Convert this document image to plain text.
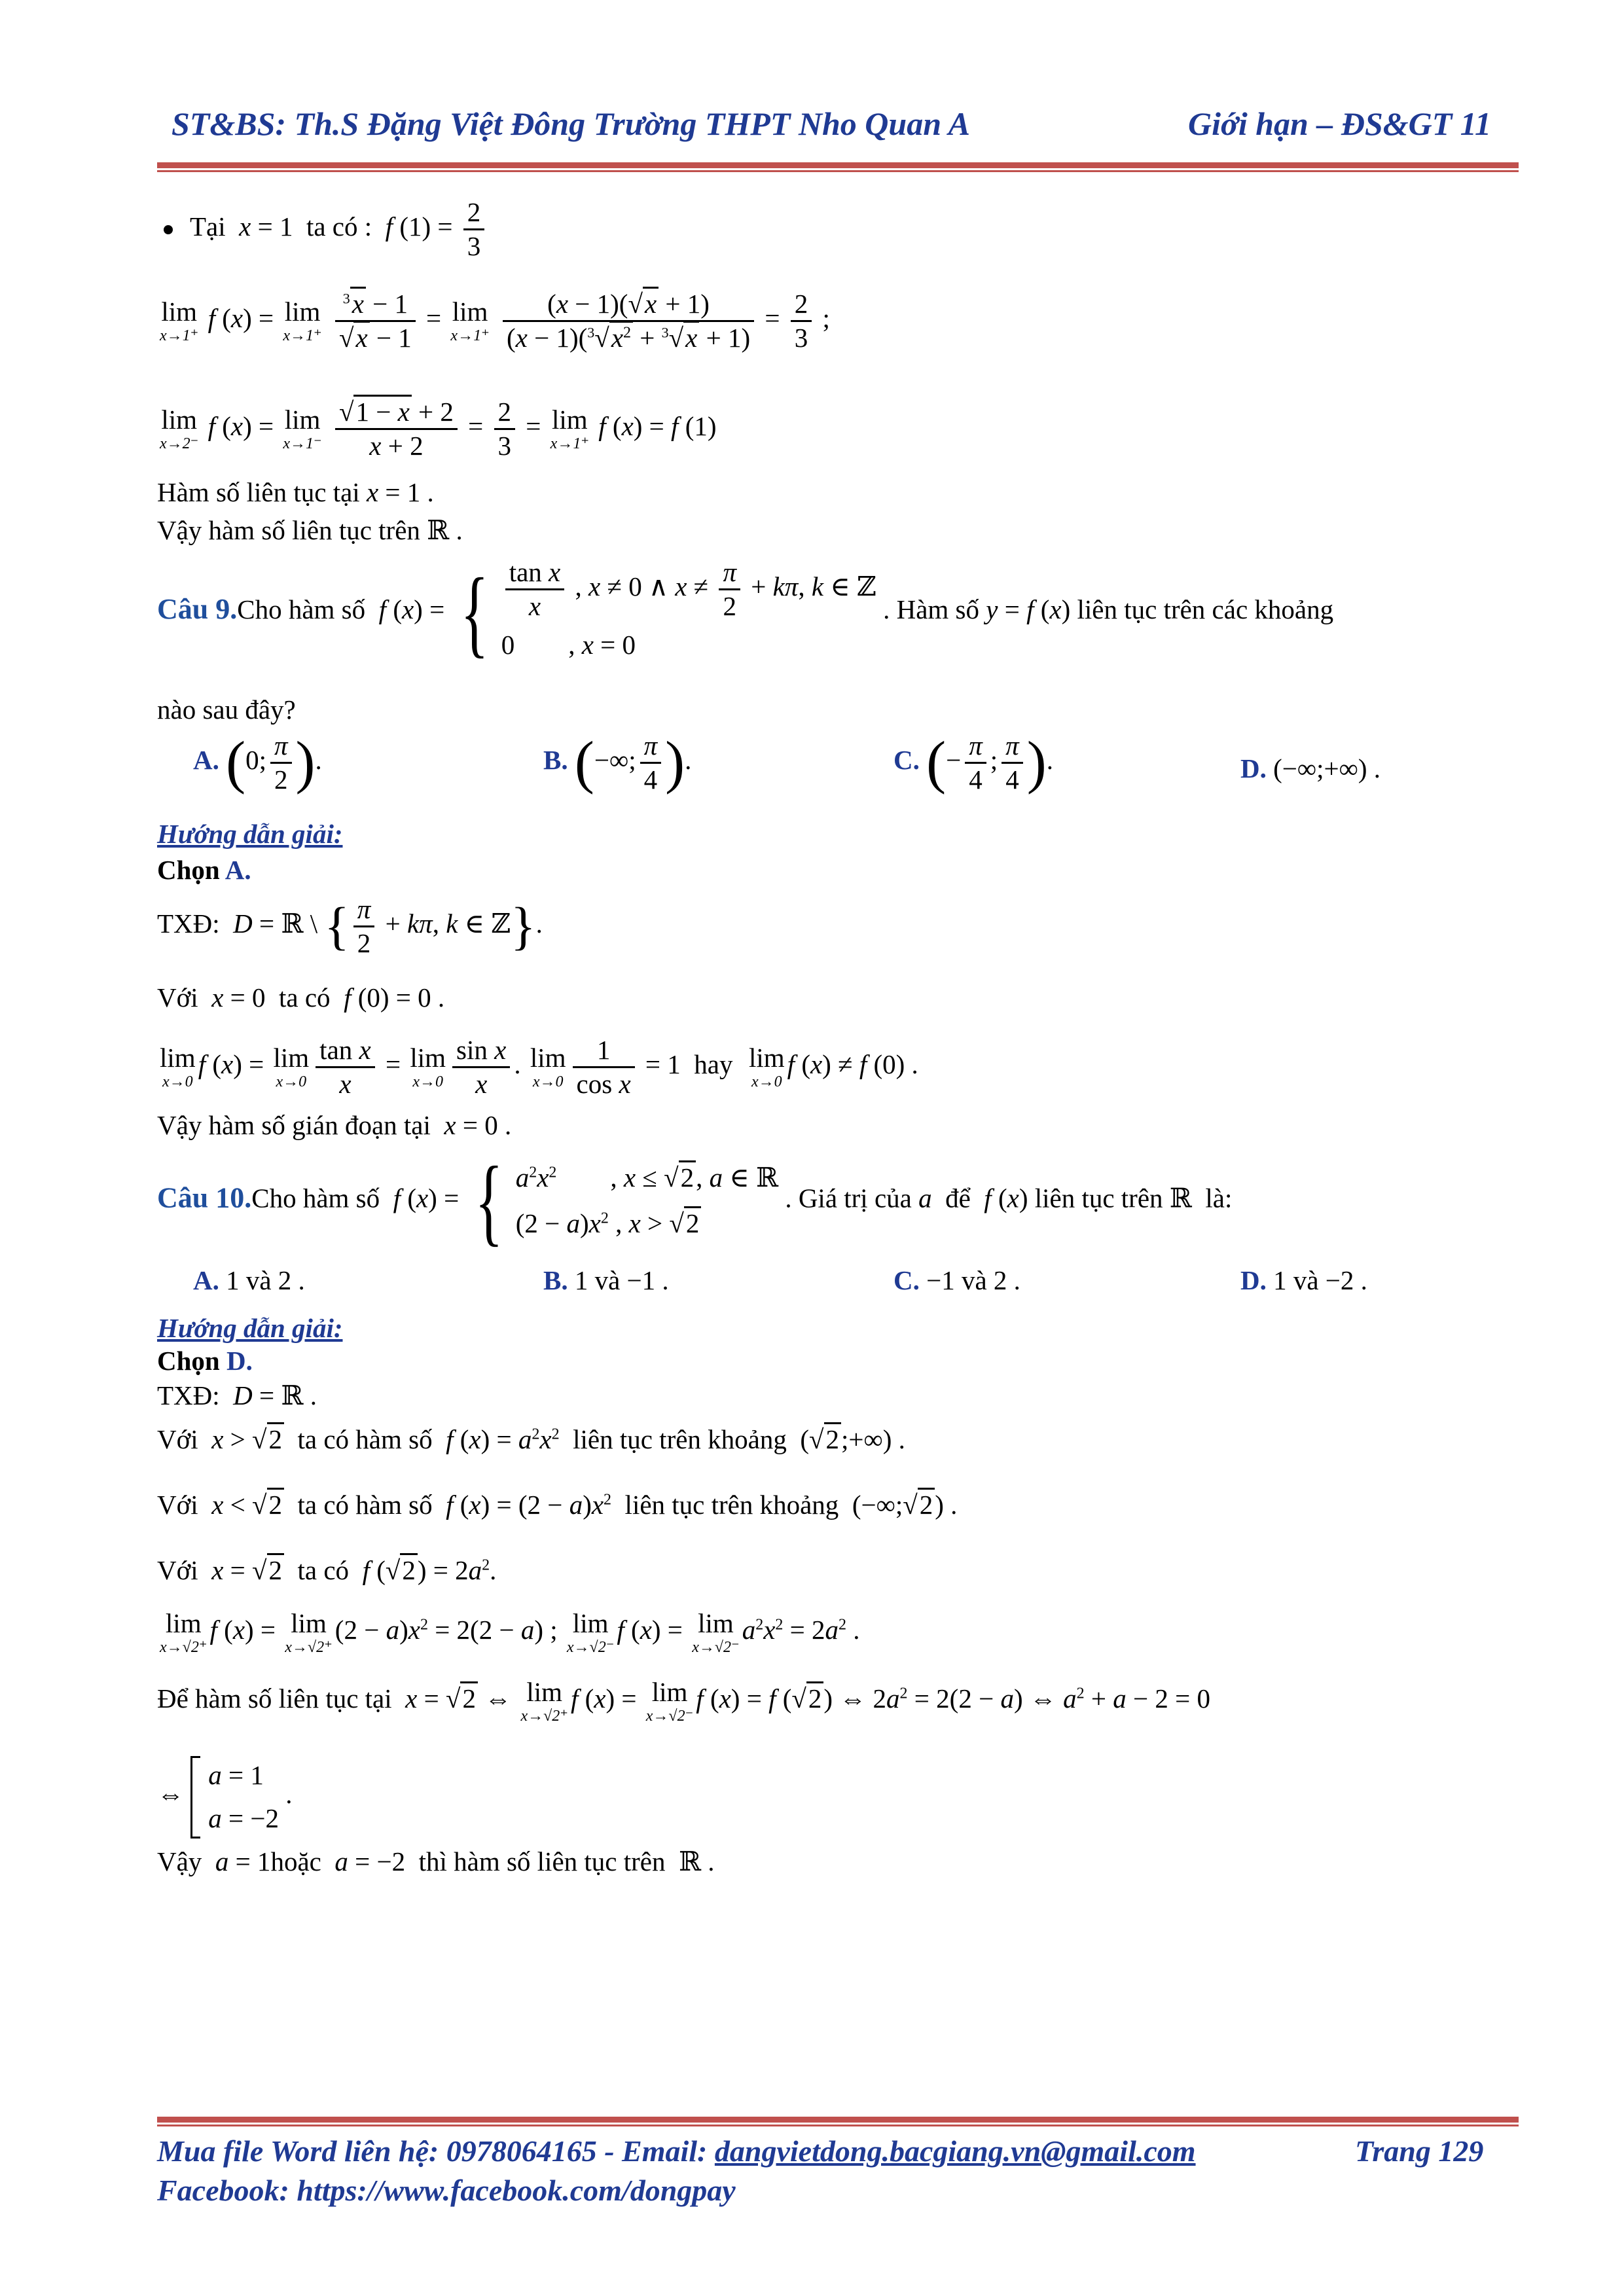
ST&BS: Th.S Đặng Việt Đông Trường THPT Nho Quan A	Giới hạn – ĐS&GT 11
Tại  x = 1  ta có : f $(1) = \frac{2}{3}$
lim
x→1⁺
f (x) = lim
x→1⁺
$\frac{^3x - 1}{√x - 1} = \lim$
x→1⁺
$\frac{(x - 1)(√x + 1)}{(x - 1)(^3√x^2 + ^3√x + 1)} = \frac{2}{3}$ ;
lim
x→2⁻
f (x) = lim
x→1⁻
$\frac{√1 - x + 2}{x + 2} = \frac{2}{3} = \lim$
x→1⁺
f (x) = f (1)
Hàm số liên tục tại x = 1 .
Vậy hàm số liên tục trên ℝ .
Câu 9.Cho hàm số f (x) = { $\frac{\text{tan x}}{x}$ , x ≠ 0 ∧ $x \ne \frac{\pi}{2} + k\pi$, k ∈ ℤ
0        , x = 0
. Hàm số y = f (x) liên tục trên các khoảng
nào sau đây?
A. (0; $\frac{\pi}{2}$ ).	B. (−∞; $\frac{\pi}{4}$ ).	C. (− $\frac{\pi}{4}$ ; $\frac{\pi}{4}$ ).	D. (−∞;+∞) .
Hướng dẫn giải:
Chọn A.
TXĐ: D = ℝ \ { $\frac{\pi}{2} + k\pi$, k ∈ ℤ}.
Với x = 0  ta có f (0) = 0 .
lim
x→0
f (x) = lim
$x\to 0 \frac{\text{tan x}}{x} = \lim$
$x\to 0 \frac{\text{sin x}}{x}$ . lim
$x\to 0 \frac{1}{\text{cos x}} = 1$  hay lim
x→0
f (x) ≠ f (0) .
Vậy hàm số gián đoạn tại x = 0 .
Câu 10.Cho hàm số f (x) = { $a^2x^2$        , x ≤ √2, a ∈ ℝ
$(2 - a)x^2$ , x > √2
. Giá trị của a để f (x) liên tục trên ℝ  là:
A. 1 và 2 .	B. 1 và −1 .	C. −1 và 2 .	D. 1 và −2 .
Hướng dẫn giải:
Chọn D.
TXĐ: D = ℝ .
Với x > √2 ta có hàm số f $(x) = a^2x^2$ liên tục trên khoảng  (√2;+∞) .
Với x < √2 ta có hàm số f $(x) = (2 - a)x^2$ liên tục trên khoảng  (−∞;√2) .
Với x = √2 ta có f $(√2) = 2a^2$.
lim
x→√2⁺
f (x) = lim
x→√2⁺
$(2 - a)x^2 = 2(2 - a)$ ; lim
x→√2⁻
f (x) = lim
x→√2⁻
$a^2x^2 = 2a^2$ .
Để hàm số liên tục tại x = √2 ⇔ lim
x→√2⁺
f (x) = lim
x→√2⁻
f (x) = f (√2) ⇔ $2a^2 = 2(2 - a)$ ⇔ $a^2 + a - 2 = 0$
⇔
a = 1
a = −2
.
Vậy a = 1hoặc a = −2  thì hàm số liên tục trên  ℝ .
Mua file Word liên hệ: 0978064165 - Email: dangvietdong.bacgiang.vn@gmail.com	Trang 129
Facebook: https://www.facebook.com/dongpay
